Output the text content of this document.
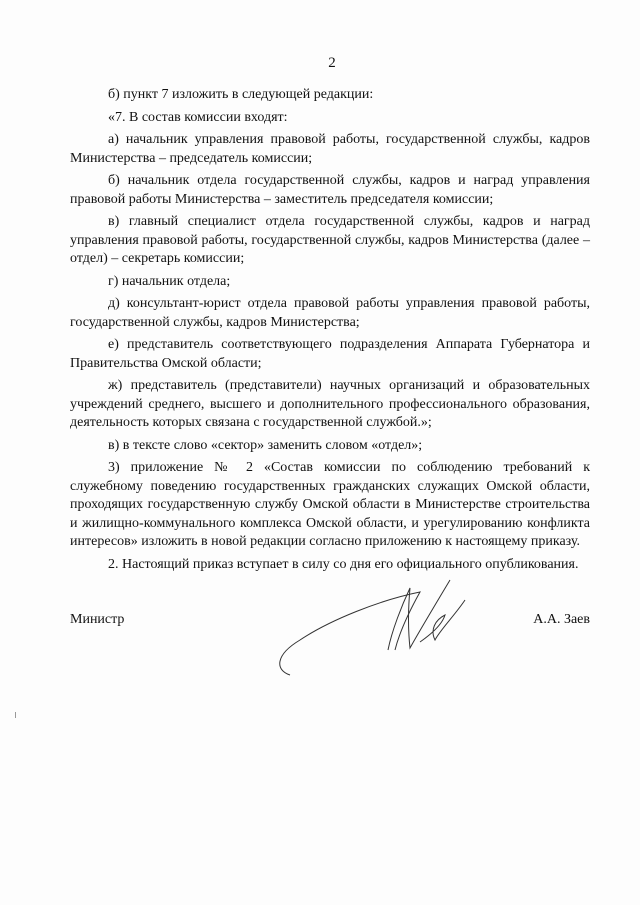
2

б) пункт 7 изложить в следующей редакции:

«7. В состав комиссии входят:

а) начальник управления правовой работы, государственной службы, кадров Министерства – председатель комиссии;

б) начальник отдела государственной службы, кадров и наград управления правовой работы Министерства – заместитель председателя комиссии;

в) главный специалист отдела государственной службы, кадров и наград управления правовой работы, государственной службы, кадров Министерства (далее – отдел) – секретарь комиссии;

г) начальник отдела;

д) консультант-юрист отдела правовой работы управления правовой работы, государственной службы, кадров Министерства;

е) представитель соответствующего подразделения Аппарата Губернатора и Правительства Омской области;

ж) представитель (представители) научных организаций и образовательных учреждений среднего, высшего и дополнительного профессионального образования, деятельность которых связана с государственной службой.»;

в) в тексте слово «сектор» заменить словом «отдел»;

3) приложение № 2 «Состав комиссии по соблюдению требований к служебному поведению государственных гражданских служащих Омской области, проходящих государственную службу Омской области в Министерстве строительства и жилищно-коммунального комплекса Омской области, и урегулированию конфликта интересов» изложить в новой редакции согласно приложению к настоящему приказу.

2. Настоящий приказ вступает в силу со дня его официального опубликования.

Министр	А.А. Заев
